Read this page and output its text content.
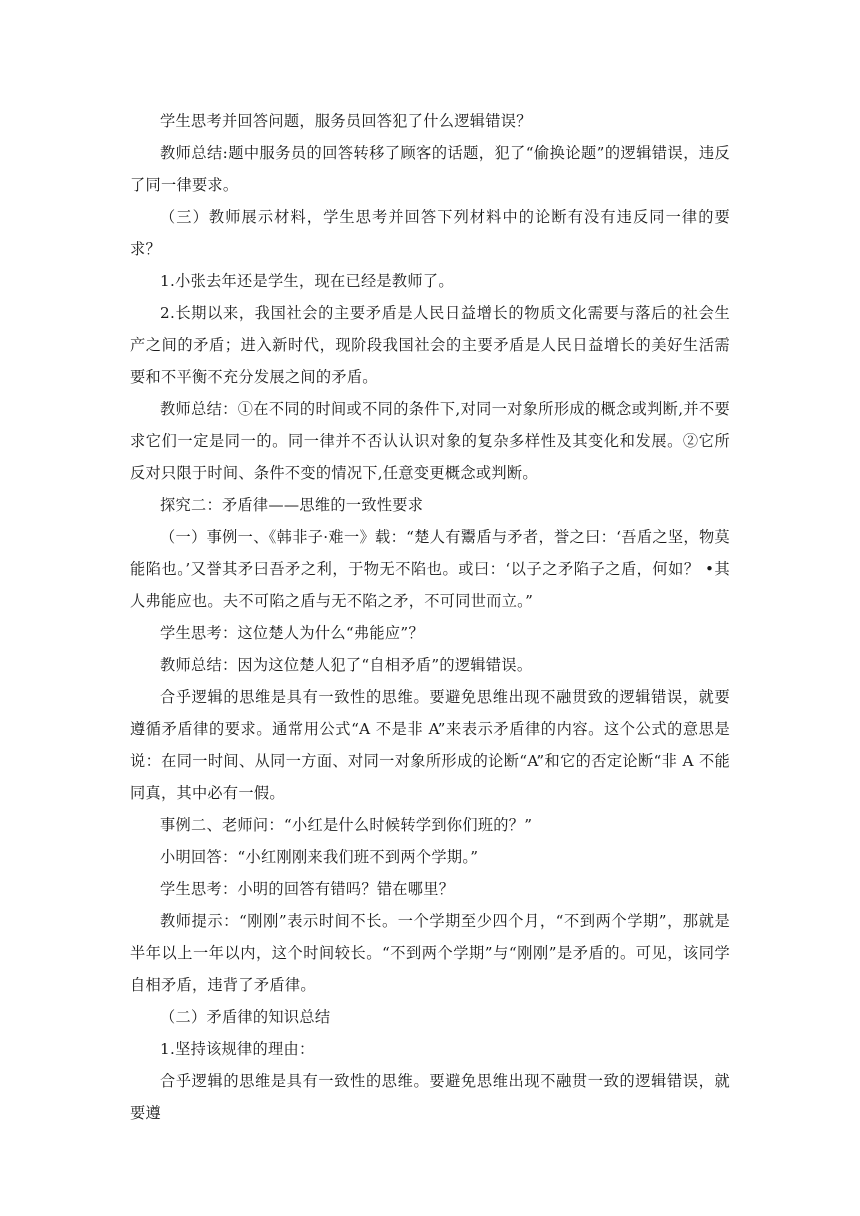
学生思考并回答问题，服务员回答犯了什么逻辑错误？

教师总结:题中服务员的回答转移了顾客的话题，犯了“偷换论题”的逻辑错误，违反了同一律要求。

（三）教师展示材料，学生思考并回答下列材料中的论断有没有违反同一律的要求？

1.小张去年还是学生，现在已经是教师了。

2.长期以来，我国社会的主要矛盾是人民日益增长的物质文化需要与落后的社会生产之间的矛盾；进入新时代，现阶段我国社会的主要矛盾是人民日益增长的美好生活需要和不平衡不充分发展之间的矛盾。

教师总结：①在不同的时间或不同的条件下,对同一对象所形成的概念或判断,并不要求它们一定是同一的。同一律并不否认认识对象的复杂多样性及其变化和发展。②它所反对只限于时间、条件不变的情况下,任意变更概念或判断。

探究二：矛盾律——思维的一致性要求

（一）事例一、《韩非子·难一》载：“楚人有鬻盾与矛者，誉之曰：‘吾盾之坚，物莫能陷也。’又誉其矛曰吾矛之利，于物无不陷也。或曰：‘以子之矛陷子之盾，何如？ •其人弗能应也。夫不可陷之盾与无不陷之矛，不可同世而立。”

学生思考：这位楚人为什么“弗能应”？

教师总结：因为这位楚人犯了“自相矛盾”的逻辑错误。

合乎逻辑的思维是具有一致性的思维。要避免思维出现不融贯致的逻辑错误，就要遵循矛盾律的要求。通常用公式“A 不是非 A”来表示矛盾律的内容。这个公式的意思是说：在同一时间、从同一方面、对同一对象所形成的论断“A”和它的否定论断“非 A 不能同真，其中必有一假。

事例二、老师问：“小红是什么时候转学到你们班的？”

小明回答：“小红刚刚来我们班不到两个学期。”

学生思考：小明的回答有错吗？错在哪里？

教师提示：“刚刚”表示时间不长。一个学期至少四个月，“不到两个学期”，那就是半年以上一年以内，这个时间较长。“不到两个学期”与“刚刚”是矛盾的。可见，该同学自相矛盾，违背了矛盾律。

（二）矛盾律的知识总结

1.坚持该规律的理由：

合乎逻辑的思维是具有一致性的思维。要避免思维出现不融贯一致的逻辑错误，就要遵
